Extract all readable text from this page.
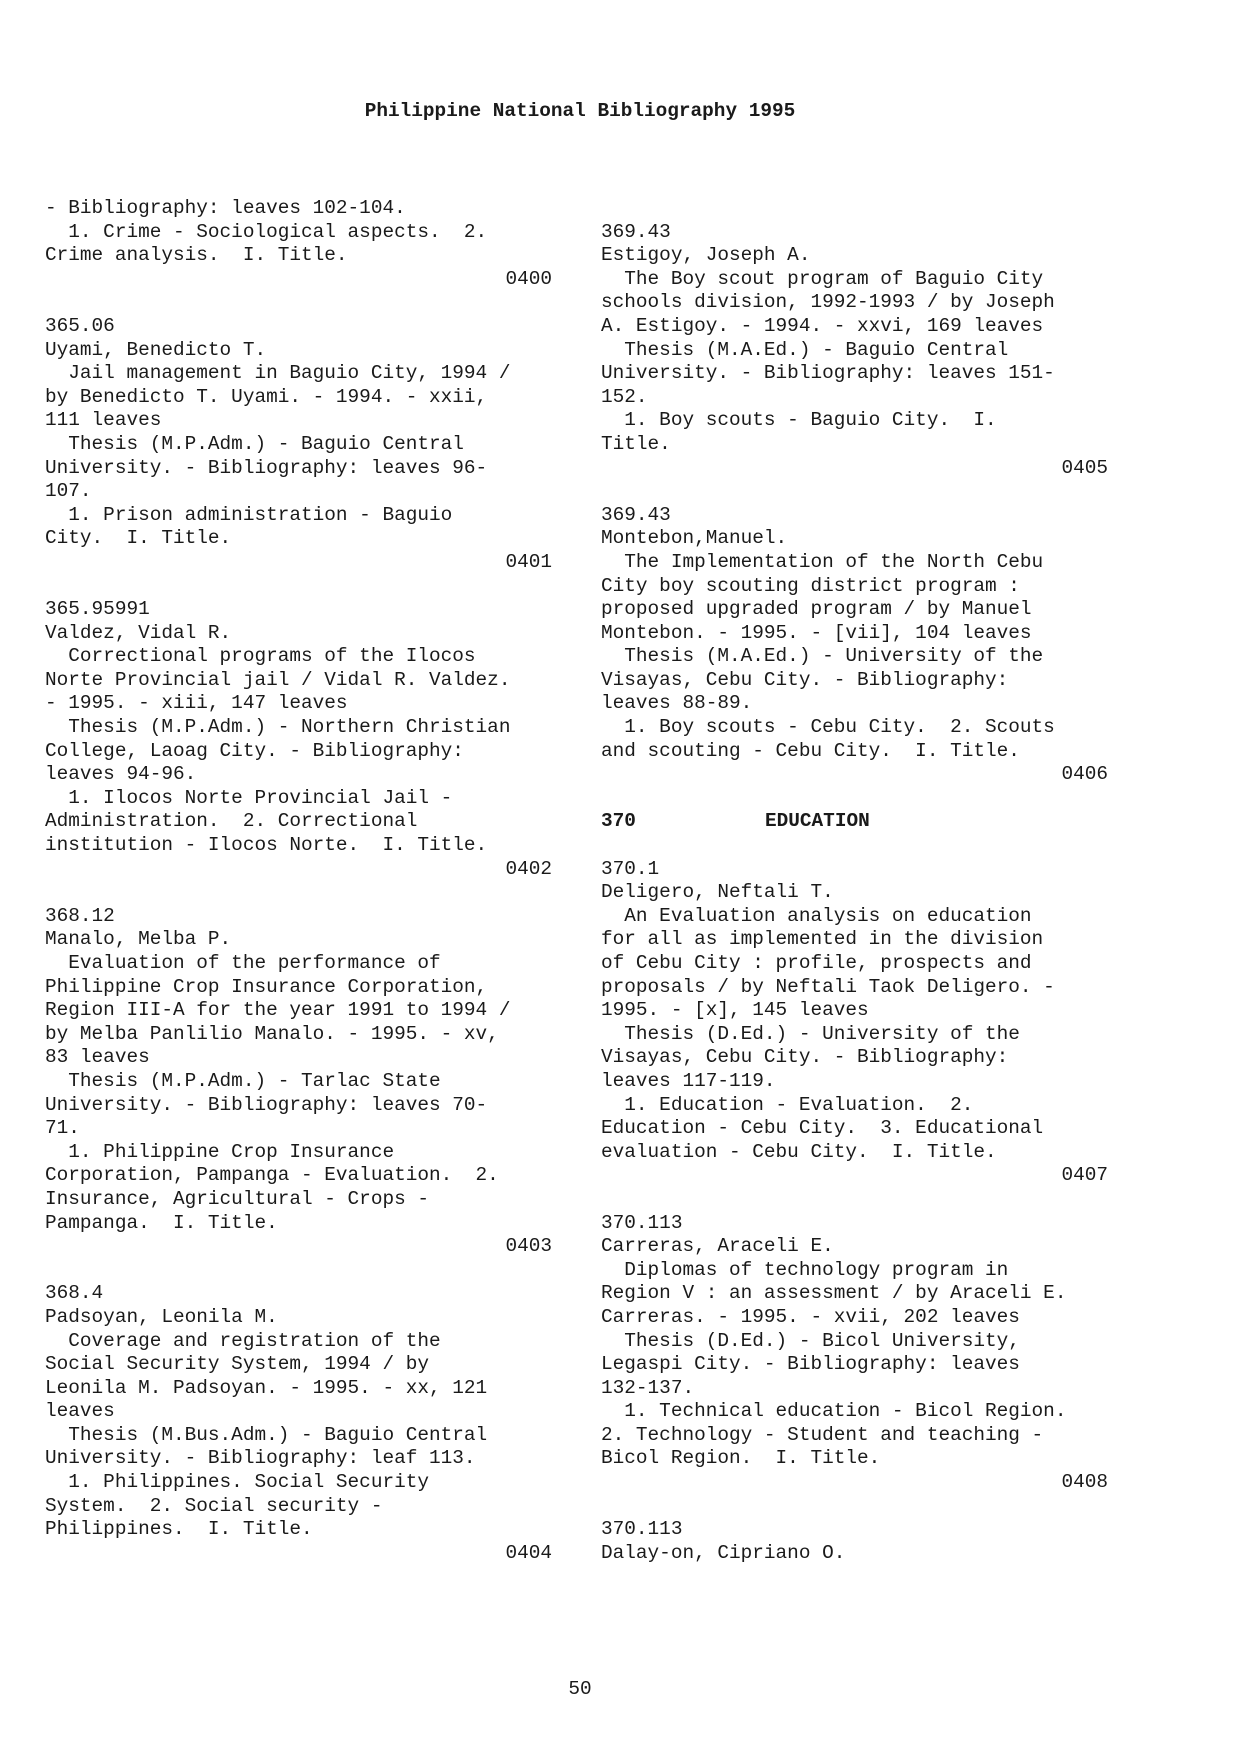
Philippine National Bibliography 1995
- Bibliography: leaves 102-104.
1. Crime - Sociological aspects.  2.
Crime analysis.  I. Title.
0400
365.06
Uyami, Benedicto T.
Jail management in Baguio City, 1994 /
by Benedicto T. Uyami. - 1994. - xxii,
111 leaves
Thesis (M.P.Adm.) - Baguio Central
University. - Bibliography: leaves 96-
107.
1. Prison administration - Baguio
City.  I. Title.
0401
365.95991
Valdez, Vidal R.
Correctional programs of the Ilocos
Norte Provincial jail / Vidal R. Valdez.
- 1995. - xiii, 147 leaves
Thesis (M.P.Adm.) - Northern Christian
College, Laoag City. - Bibliography:
leaves 94-96.
1. Ilocos Norte Provincial Jail -
Administration.  2. Correctional
institution - Ilocos Norte.  I. Title.
0402
368.12
Manalo, Melba P.
Evaluation of the performance of
Philippine Crop Insurance Corporation,
Region III-A for the year 1991 to 1994 /
by Melba Panlilio Manalo. - 1995. - xv,
83 leaves
Thesis (M.P.Adm.) - Tarlac State
University. - Bibliography: leaves 70-
71.
1. Philippine Crop Insurance
Corporation, Pampanga - Evaluation.  2.
Insurance, Agricultural - Crops -
Pampanga.  I. Title.
0403
368.4
Padsoyan, Leonila M.
Coverage and registration of the
Social Security System, 1994 / by
Leonila M. Padsoyan. - 1995. - xx, 121
leaves
Thesis (M.Bus.Adm.) - Baguio Central
University. - Bibliography: leaf 113.
1. Philippines. Social Security
System.  2. Social security -
Philippines.  I. Title.
0404
369.43
Estigoy, Joseph A.
The Boy scout program of Baguio City
schools division, 1992-1993 / by Joseph
A. Estigoy. - 1994. - xxvi, 169 leaves
Thesis (M.A.Ed.) - Baguio Central
University. - Bibliography: leaves 151-
152.
1. Boy scouts - Baguio City.  I.
Title.
0405
369.43
Montebon,Manuel.
The Implementation of the North Cebu
City boy scouting district program :
proposed upgraded program / by Manuel
Montebon. - 1995. - [vii], 104 leaves
Thesis (M.A.Ed.) - University of the
Visayas, Cebu City. - Bibliography:
leaves 88-89.
1. Boy scouts - Cebu City.  2. Scouts
and scouting - Cebu City.  I. Title.
0406
370	EDUCATION
370.1
Deligero, Neftali T.
An Evaluation analysis on education
for all as implemented in the division
of Cebu City : profile, prospects and
proposals / by Neftali Taok Deligero. -
1995. - [x], 145 leaves
Thesis (D.Ed.) - University of the
Visayas, Cebu City. - Bibliography:
leaves 117-119.
1. Education - Evaluation.  2.
Education - Cebu City.  3. Educational
evaluation - Cebu City.  I. Title.
0407
370.113
Carreras, Araceli E.
Diplomas of technology program in
Region V : an assessment / by Araceli E.
Carreras. - 1995. - xvii, 202 leaves
Thesis (D.Ed.) - Bicol University,
Legaspi City. - Bibliography: leaves
132-137.
1. Technical education - Bicol Region.
2. Technology - Student and teaching -
Bicol Region.  I. Title.
0408
370.113
Dalay-on, Cipriano O.
50
